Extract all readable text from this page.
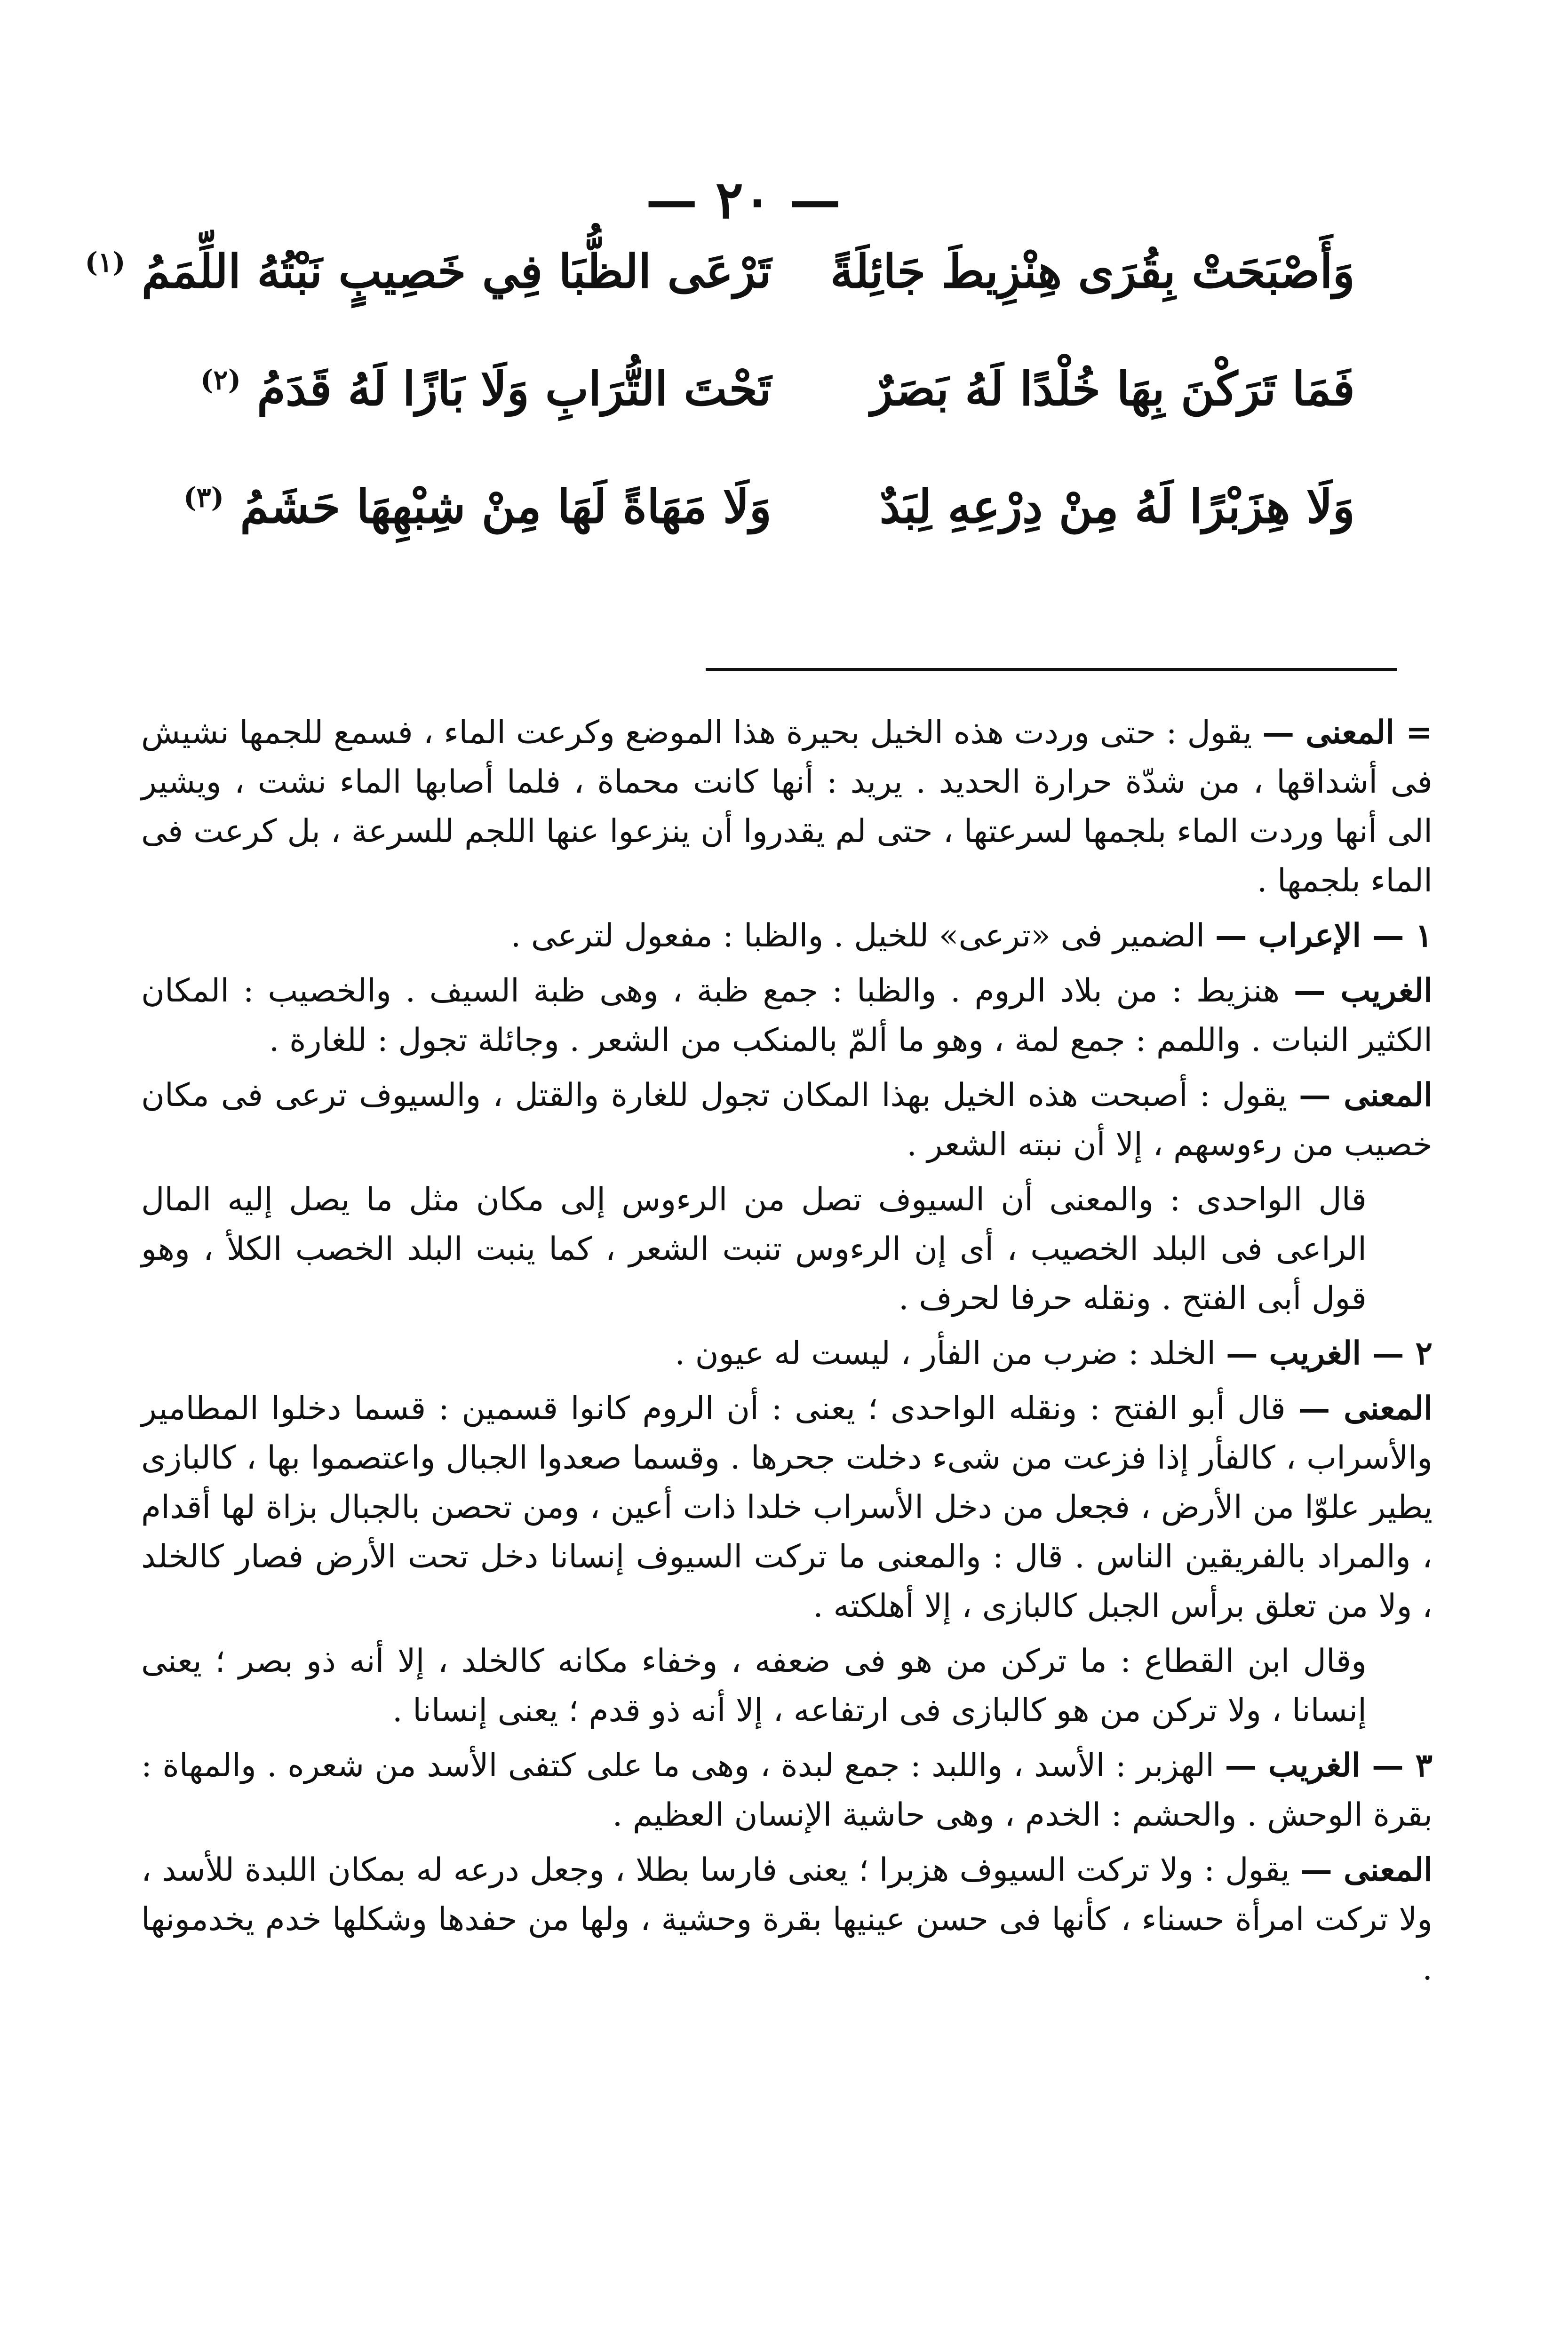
— ٢٠ —
وَأَصْبَحَتْ بِقُرَى هِنْزِيطَ جَائِلَةً
تَرْعَى الظُّبَا فِي خَصِيبٍ نَبْتُهُ اللِّمَمُ $^{(١)}$
فَمَا تَرَكْنَ بِهَا خُلْدًا لَهُ بَصَرٌ
تَحْتَ التُّرَابِ وَلَا بَازًا لَهُ قَدَمُ $^{(٢)}$
وَلَا هِزَبْرًا لَهُ مِنْ دِرْعِهِ لِبَدٌ
وَلَا مَهَاةً لَهَا مِنْ شِبْهِهَا حَشَمُ $^{(٣)}$

= المعنى — يقول : حتى وردت هذه الخيل بحيرة هذا الموضع وكرعت الماء ، فسمع للجمها نشيش فى أشداقها ، من شدّة حرارة الحديد . يريد : أنها كانت محماة ، فلما أصابها الماء نشت ، ويشير الى أنها وردت الماء بلجمها لسرعتها ، حتى لم يقدروا أن ينزعوا عنها اللجم للسرعة ، بل كرعت فى الماء بلجمها .

١ — الإعراب — الضمير فى «ترعى» للخيل . والظبا : مفعول لترعى .

الغريب — هنزيط : من بلاد الروم . والظبا : جمع ظبة ، وهى ظبة السيف . والخصيب : المكان الكثير النبات . واللمم : جمع لمة ، وهو ما ألمّ بالمنكب من الشعر . وجائلة تجول : للغارة .

المعنى — يقول : أصبحت هذه الخيل بهذا المكان تجول للغارة والقتل ، والسيوف ترعى فى مكان خصيب من رءوسهم ، إلا أن نبته الشعر .

قال الواحدى : والمعنى أن السيوف تصل من الرءوس إلى مكان مثل ما يصل إليه المال الراعى فى البلد الخصيب ، أى إن الرءوس تنبت الشعر ، كما ينبت البلد الخصب الكلأ ، وهو قول أبى الفتح . ونقله حرفا لحرف .

٢ — الغريب — الخلد : ضرب من الفأر ، ليست له عيون .

المعنى — قال أبو الفتح : ونقله الواحدى ؛ يعنى : أن الروم كانوا قسمين : قسما دخلوا المطامير والأسراب ، كالفأر إذا فزعت من شىء دخلت جحرها . وقسما صعدوا الجبال واعتصموا بها ، كالبازى يطير علوّا من الأرض ، فجعل من دخل الأسراب خلدا ذات أعين ، ومن تحصن بالجبال بزاة لها أقدام ، والمراد بالفريقين الناس . قال : والمعنى ما تركت السيوف إنسانا دخل تحت الأرض فصار كالخلد ، ولا من تعلق برأس الجبل كالبازى ، إلا أهلكته .

وقال ابن القطاع : ما تركن من هو فى ضعفه ، وخفاء مكانه كالخلد ، إلا أنه ذو بصر ؛ يعنى إنسانا ، ولا تركن من هو كالبازى فى ارتفاعه ، إلا أنه ذو قدم ؛ يعنى إنسانا .

٣ — الغريب — الهزبر : الأسد ، واللبد : جمع لبدة ، وهى ما على كتفى الأسد من شعره . والمهاة : بقرة الوحش . والحشم : الخدم ، وهى حاشية الإنسان العظيم .

المعنى — يقول : ولا تركت السيوف هزبرا ؛ يعنى فارسا بطلا ، وجعل درعه له بمكان اللبدة للأسد ، ولا تركت امرأة حسناء ، كأنها فى حسن عينيها بقرة وحشية ، ولها من حفدها وشكلها خدم يخدمونها .
